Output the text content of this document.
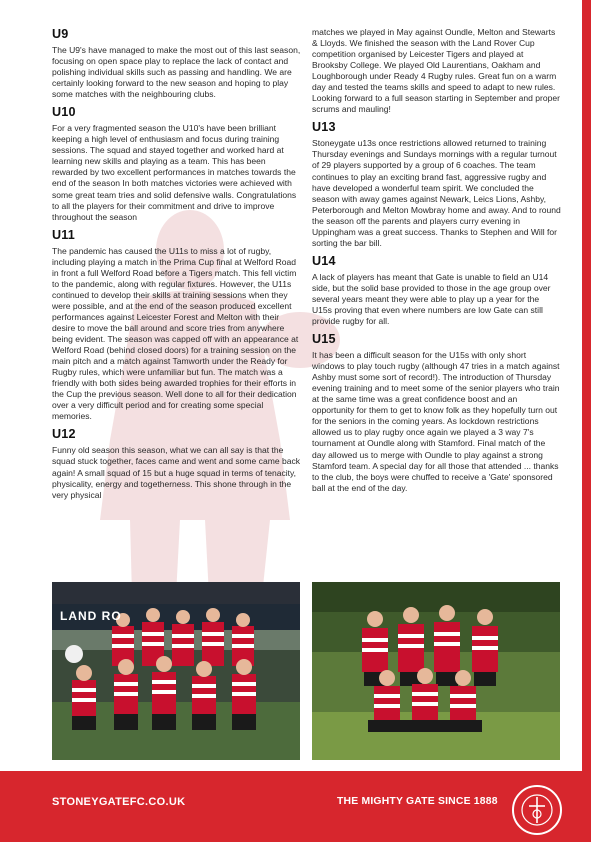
U9

The U9's have managed to make the most out of this last season, focusing on open space play to replace the lack of contact and polishing individual skills such as passing and handling. We are certainly looking forward to the new season and hoping to play some matches with the neighbouring clubs.

U10

For a very fragmented season the U10's have been brilliant keeping a high level of enthusiasm and focus during training sessions. The squad and stayed together and worked hard at learning new skills and playing as a team. This has been rewarded by two excellent performances in matches towards the end of the season In both matches victories were achieved with some great team tries and solid defensive walls. Congratulations to all the players for their commitment and drive to improve throughout the season

U11

The pandemic has caused the U11s to miss a lot of rugby, including playing a match in the Prima Cup final at Welford Road in front a full Welford Road before a Tigers match. This fell victim to the pandemic, along with regular fixtures. However, the U11s continued to develop their skills at training sessions when they were possible, and at the end of the season produced excellent performances against Leicester Forest and Melton with their desire to move the ball around and score tries from anywhere being evident. The season was capped off with an appearance at Welford Road (behind closed doors) for a training session on the main pitch and a match against Tamworth under the Ready for Rugby rules, which were unfamiliar but fun. The match was a friendly with both sides being awarded trophies for their efforts in the Cup the previous season. Well done to all for their dedication over a very difficult period and for creating some special memories.

U12

Funny old season this season, what we can all say is that the squad stuck together, faces came and went and some came back again! A small squad of 15 but a huge squad in terms of tenacity, physicality, energy and togetherness. This shone through in the very physical

matches we played in May against Oundle, Melton and Stewarts & Lloyds. We finished the season with the Land Rover Cup competition organised by Leicester Tigers and played at Brooksby College. We played Old Laurentians, Oakham and Loughborough under Ready 4 Rugby rules. Great fun on a warm day and tested the teams skills and speed to adapt to new rules. Looking forward to a full season starting in September and proper scrums and mauling!

U13

Stoneygate u13s once restrictions allowed returned to training Thursday evenings and Sundays mornings with a regular turnout of 29 players supported by a group of 6 coaches. The team continues to play an exciting brand fast, aggressive rugby and have developed a wonderful team spirit. We concluded the season with away games against Newark, Leics Lions, Ashby, Peterborough and Melton Mowbray home and away. And to round the season off the parents and players curry evening in Uppingham was a great success. Thanks to Stephen and Will for sorting the bar bill.

U14

A lack of players has meant that Gate is unable to field an U14 side, but the solid base provided to those in the age group over several years meant they were able to play up a year for the U15s proving that even where numbers are low Gate can still provide rugby for all.

U15

It has been a difficult season for the U15s with only short windows to play touch rugby (although 47 tries in a match against Ashby must some sort of record!). The introduction of Thursday evening training and to meet some of the senior players who train at the same time was a great confidence boost and an opportunity for them to get to know folk as they hopefully turn out for the seniors in the coming years. As lockdown restrictions allowed us to play rugby once again we played a 3 way 7's tournament at Oundle along with Stamford. Final match of the day allowed us to merge with Oundle to play against a strong Stamford team. A special day for all those that attended ... thanks to the club, the boys were chuffed to receive a 'Gate' sponsored ball at the end of the day.

LAND RO
STONEYGATEFC.CO.UK	THE MIGHTY GATE SINCE 1888
